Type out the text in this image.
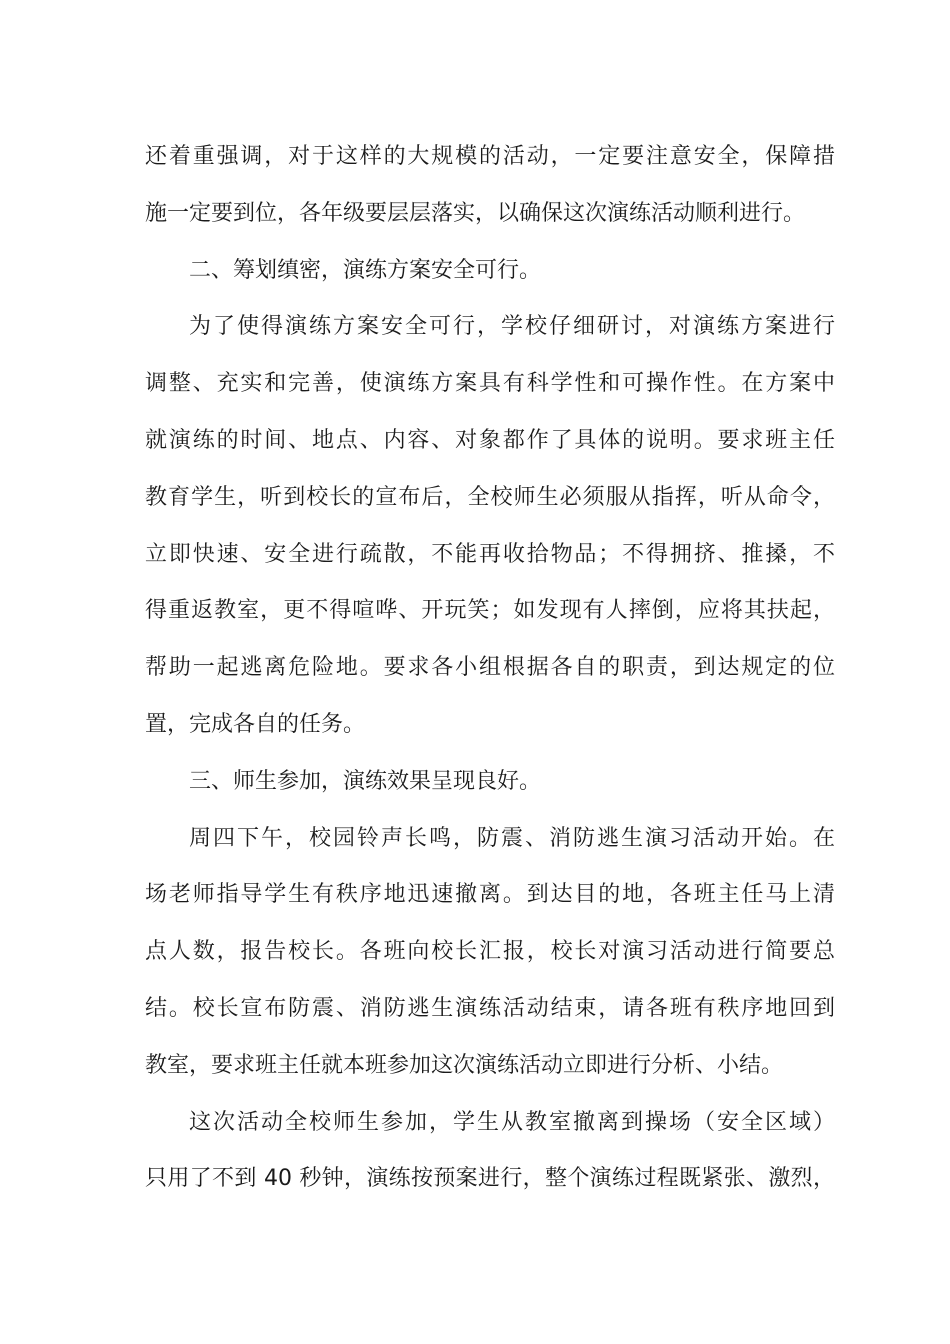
还着重强调，对于这样的大规模的活动，一定要注意安全，保障措
施一定要到位，各年级要层层落实，以确保这次演练活动顺利进行。
二、筹划缜密，演练方案安全可行。
为了使得演练方案安全可行，学校仔细研讨，对演练方案进行
调整、充实和完善，使演练方案具有科学性和可操作性。在方案中
就演练的时间、地点、内容、对象都作了具体的说明。要求班主任
教育学生，听到校长的宣布后，全校师生必须服从指挥，听从命令，
立即快速、安全进行疏散，不能再收拾物品；不得拥挤、推搡，不
得重返教室，更不得喧哗、开玩笑；如发现有人摔倒，应将其扶起，
帮助一起逃离危险地。要求各小组根据各自的职责，到达规定的位
置，完成各自的任务。
三、师生参加，演练效果呈现良好。
周四下午，校园铃声长鸣，防震、消防逃生演习活动开始。在
场老师指导学生有秩序地迅速撤离。到达目的地，各班主任马上清
点人数，报告校长。各班向校长汇报，校长对演习活动进行简要总
结。校长宣布防震、消防逃生演练活动结束，请各班有秩序地回到
教室，要求班主任就本班参加这次演练活动立即进行分析、小结。
这次活动全校师生参加，学生从教室撤离到操场（安全区域）
只用了不到 40 秒钟，演练按预案进行，整个演练过程既紧张、激烈，
